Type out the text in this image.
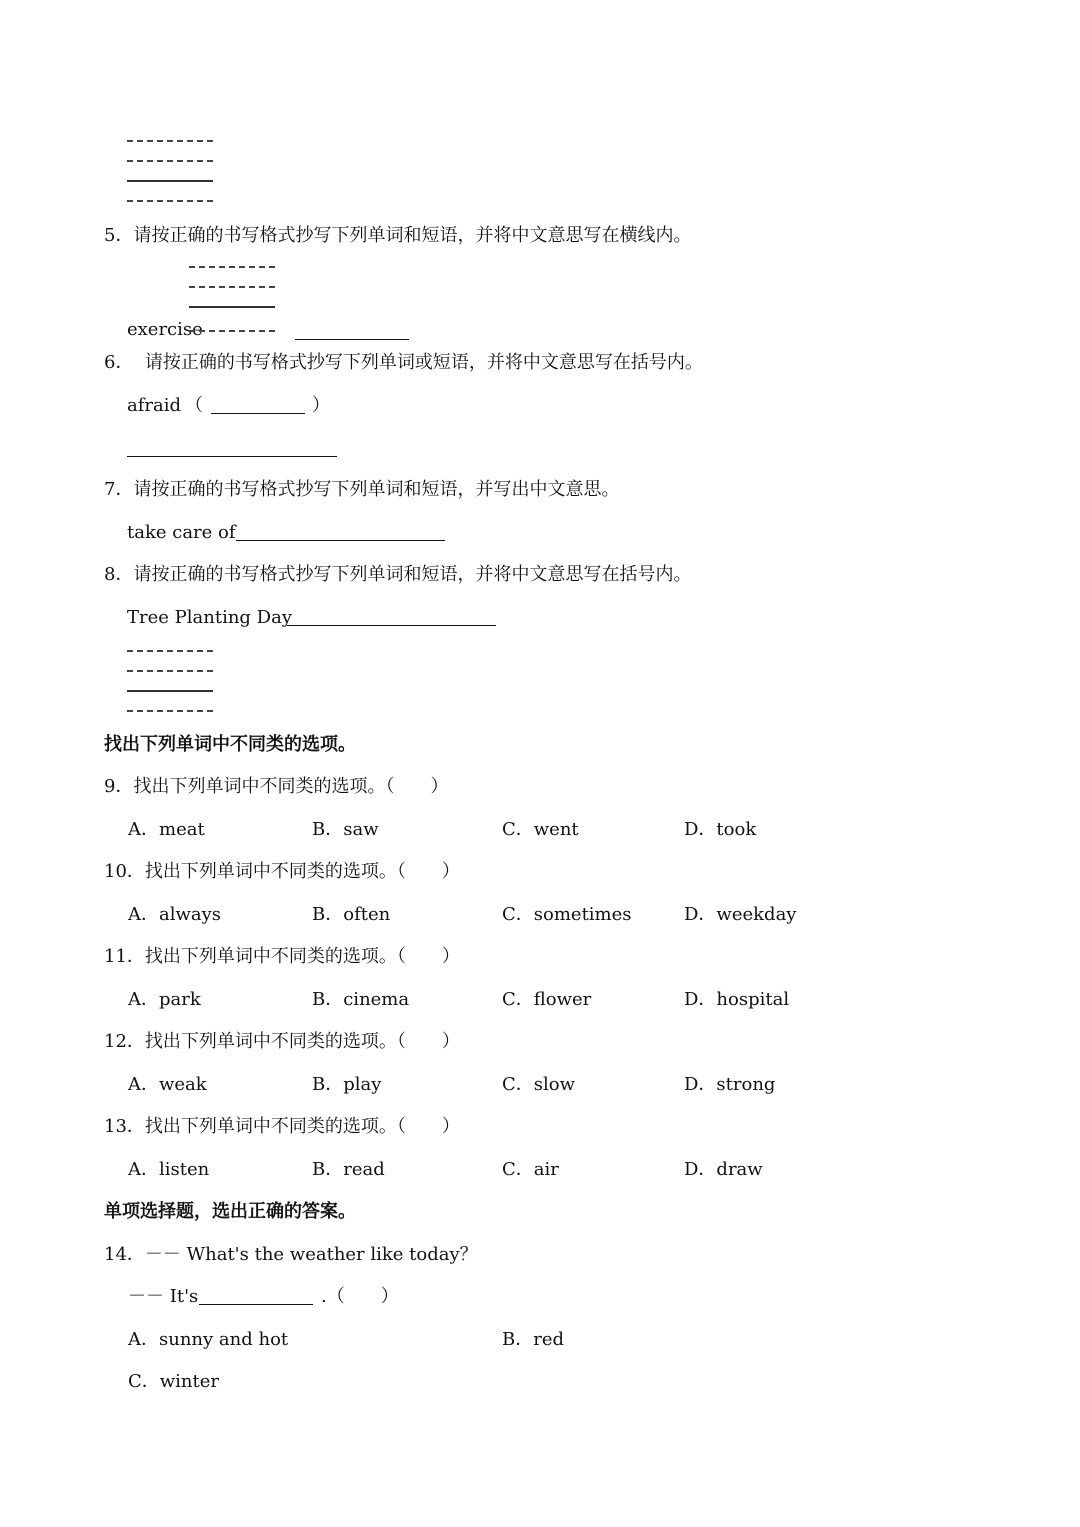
5．请按正确的书写格式抄写下列单词和短语，并将中文意思写在横线内。
exercise
6．  请按正确的书写格式抄写下列单词或短语，并将中文意思写在括号内。
afraid （	）
7．请按正确的书写格式抄写下列单词和短语，并写出中文意思。
take care of
8．请按正确的书写格式抄写下列单词和短语，并将中文意思写在括号内。
Tree Planting Day
找出下列单词中不同类的选项。
9．找出下列单词中不同类的选项。（　　）
A．meat	B．saw	C．went	D．took
10．找出下列单词中不同类的选项。（　　）
A．always	B．often	C．sometimes	D．weekday
11．找出下列单词中不同类的选项。（　　）
A．park	B．cinema	C．flower	D．hospital
12．找出下列单词中不同类的选项。（　　）
A．weak	B．play	C．slow	D．strong
13．找出下列单词中不同类的选项。（　　）
A．listen	B．read	C．air	D．draw
单项选择题，选出正确的答案。
14．－－ What's the weather like today？
－－ It's	.（　　）
A．sunny and hot	B．red
C．winter
